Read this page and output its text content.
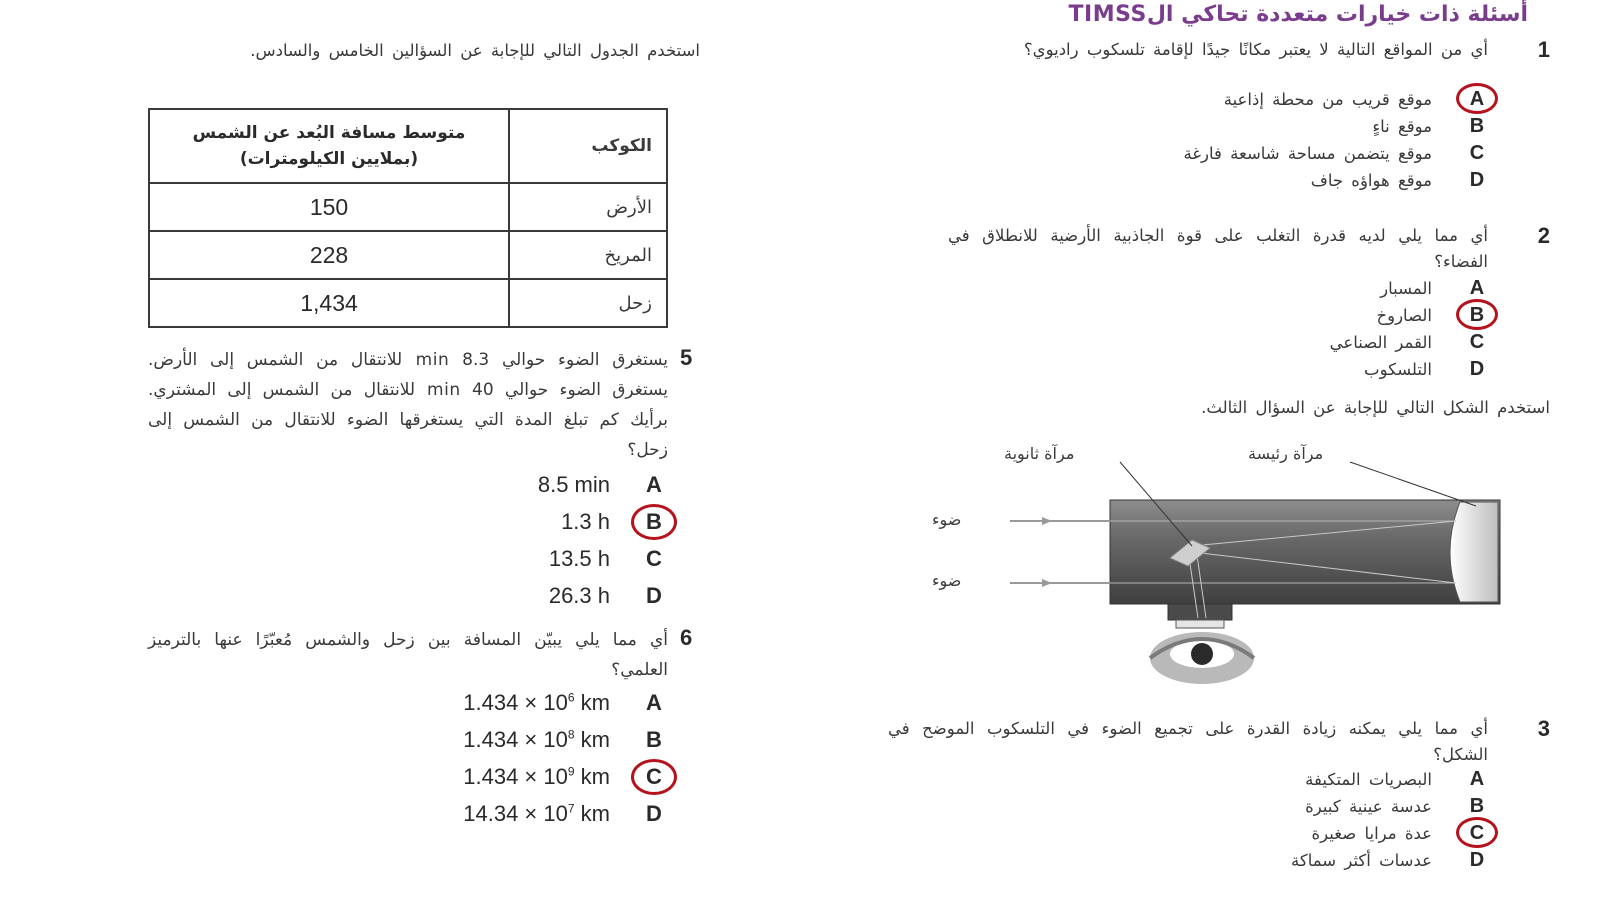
أسئلة ذات خيارات متعددة تحاكي الTIMSS
1
أي من المواقع التالية لا يعتبر مكانًا جيدًا لإقامة تلسكوب راديوي؟
A
موقع قريب من محطة إذاعية
B
موقع ناءٍ
C
موقع يتضمن مساحة شاسعة فارغة
D
موقع هواؤه جاف
2
أي مما يلي لديه قدرة التغلب على قوة الجاذبية الأرضية للانطلاق في الفضاء؟
A
المسبار
B
الصاروخ
C
القمر الصناعي
D
التلسكوب
استخدم الشكل التالي للإجابة عن السؤال الثالث.
مرآة ثانوية	مرآة رئيسة
ضوء
ضوء
3
أي مما يلي يمكنه زيادة القدرة على تجميع الضوء في التلسكوب الموضح في الشكل؟
A
البصريات المتكيفة
B
عدسة عينية كبيرة
C
عدة مرايا صغيرة
D
عدسات أكثر سماكة
استخدم الجدول التالي للإجابة عن السؤالين الخامس والسادس.
الكوكب	متوسط مسافة البُعد عن الشمس (بملايين الكيلومترات)
الأرض	150
المريخ	228
زحل	1,434
5
يستغرق الضوء حوالي 8.3 min للانتقال من الشمس إلى الأرض. يستغرق الضوء حوالي 40 min للانتقال من الشمس إلى المشتري. برأيك كم تبلغ المدة التي يستغرقها الضوء للانتقال من الشمس إلى زحل؟
8.5 min	A
1.3 h	B
13.5 h	C
26.3 h	D
6
أي مما يلي يبيّن المسافة بين زحل والشمس مُعبّرًا عنها بالترميز العلمي؟
$1.434 \times 10^6$ km	A
$1.434 \times 10^8$ km	B
$1.434 \times 10^9$ km	C
$14.34 \times 10^7$ km	D
